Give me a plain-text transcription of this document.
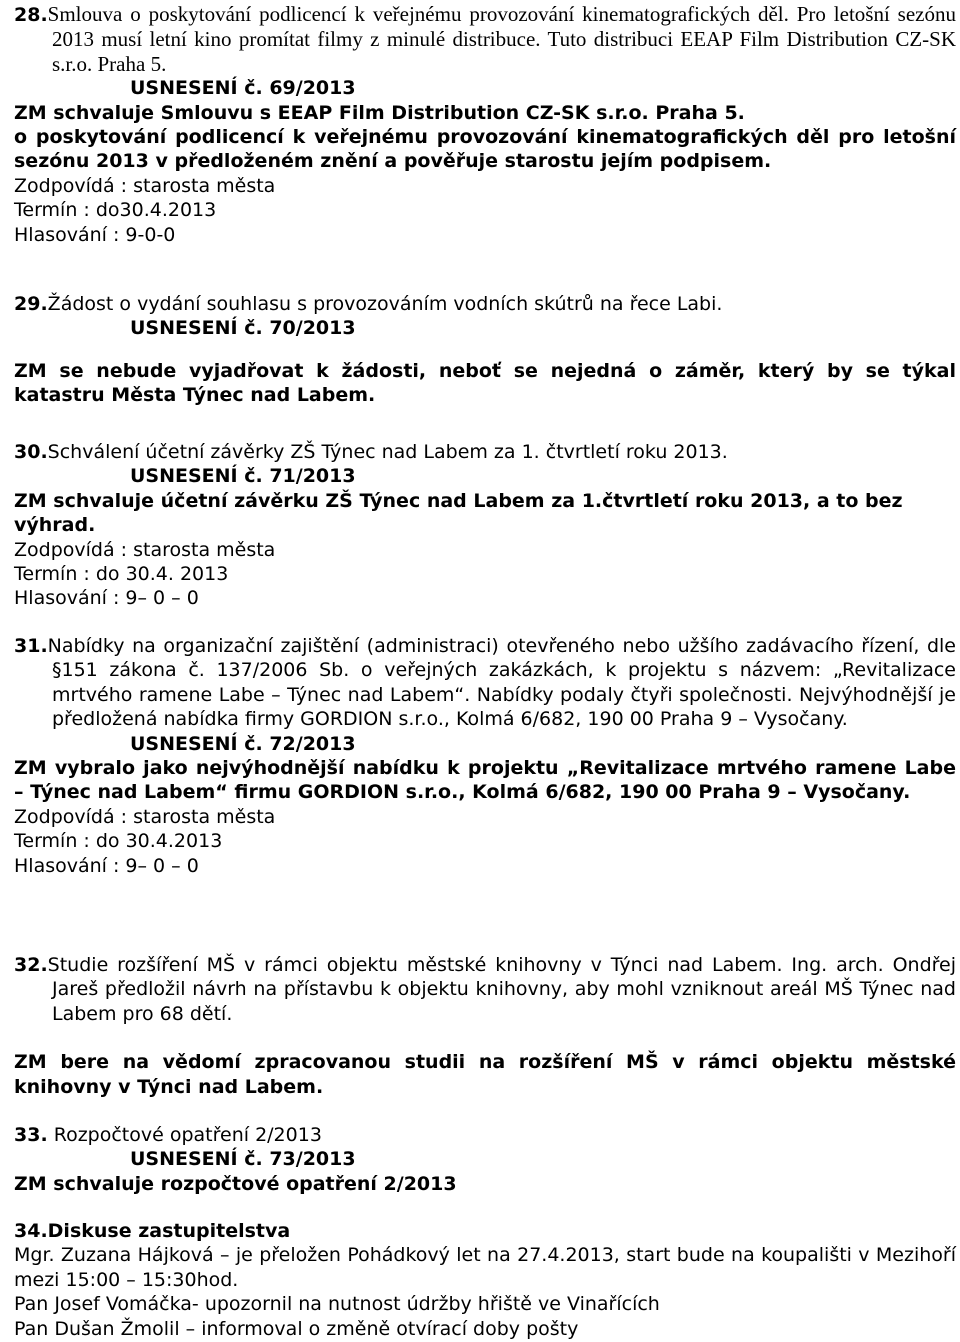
28.Smlouva o poskytování podlicencí k veřejnému provozování kinematografických děl. Pro letošní sezónu 2013 musí letní kino promítat filmy z minulé distribuce. Tuto distribuci EEAP Film Distribution CZ-SK s.r.o. Praha 5.
USNESENÍ č. 69/2013
ZM schvaluje Smlouvu s EEAP Film Distribution CZ-SK s.r.o. Praha 5.
o poskytování podlicencí k veřejnému provozování kinematografických děl pro letošní sezónu 2013 v předloženém znění a pověřuje starostu jejím podpisem.
Zodpovídá : starosta města
Termín : do30.4.2013
Hlasování : 9-0-0
29.Žádost o vydání souhlasu s provozováním vodních skútrů na řece Labi.
USNESENÍ č. 70/2013
ZM se nebude vyjadřovat k žádosti, neboť se nejedná o záměr, který by se týkal katastru Města Týnec nad Labem.
30.Schválení účetní závěrky ZŠ Týnec nad Labem za 1. čtvrtletí roku 2013.
USNESENÍ č. 71/2013
ZM schvaluje účetní závěrku ZŠ Týnec nad Labem za 1.čtvrtletí roku 2013, a to bez výhrad.
Zodpovídá : starosta města
Termín : do 30.4. 2013
Hlasování : 9– 0 – 0
31.Nabídky na organizační zajištění (administraci) otevřeného nebo užšího zadávacího řízení, dle §151 zákona č. 137/2006 Sb. o veřejných zakázkách, k projektu s názvem: „Revitalizace mrtvého ramene Labe – Týnec nad Labem“. Nabídky podaly čtyři společnosti. Nejvýhodnější je předložená nabídka firmy GORDION s.r.o., Kolmá 6/682, 190 00 Praha 9 – Vysočany.
USNESENÍ č. 72/2013
ZM vybralo jako nejvýhodnější nabídku k projektu „Revitalizace mrtvého ramene Labe – Týnec nad Labem“ firmu GORDION s.r.o., Kolmá 6/682, 190 00 Praha 9 – Vysočany.
Zodpovídá : starosta města
Termín : do 30.4.2013
Hlasování : 9– 0 – 0
32.Studie rozšíření MŠ v rámci objektu městské knihovny v Týnci nad Labem. Ing. arch. Ondřej Jareš předložil návrh na přístavbu k objektu knihovny, aby mohl vzniknout areál MŠ Týnec nad Labem pro 68 dětí.
ZM bere na vědomí zpracovanou studii na rozšíření MŠ v rámci objektu městské knihovny v Týnci nad Labem.
33. Rozpočtové opatření 2/2013
USNESENÍ č. 73/2013
ZM schvaluje rozpočtové opatření 2/2013
34.Diskuse zastupitelstva
Mgr. Zuzana Hájková – je přeložen Pohádkový let na 27.4.2013, start bude na koupališti v Mezihoří mezi 15:00 – 15:30hod.
Pan Josef Vomáčka- upozornil na nutnost údržby hřiště ve Vinařících
Pan Dušan Žmolil – informoval o změně otvírací doby pošty
